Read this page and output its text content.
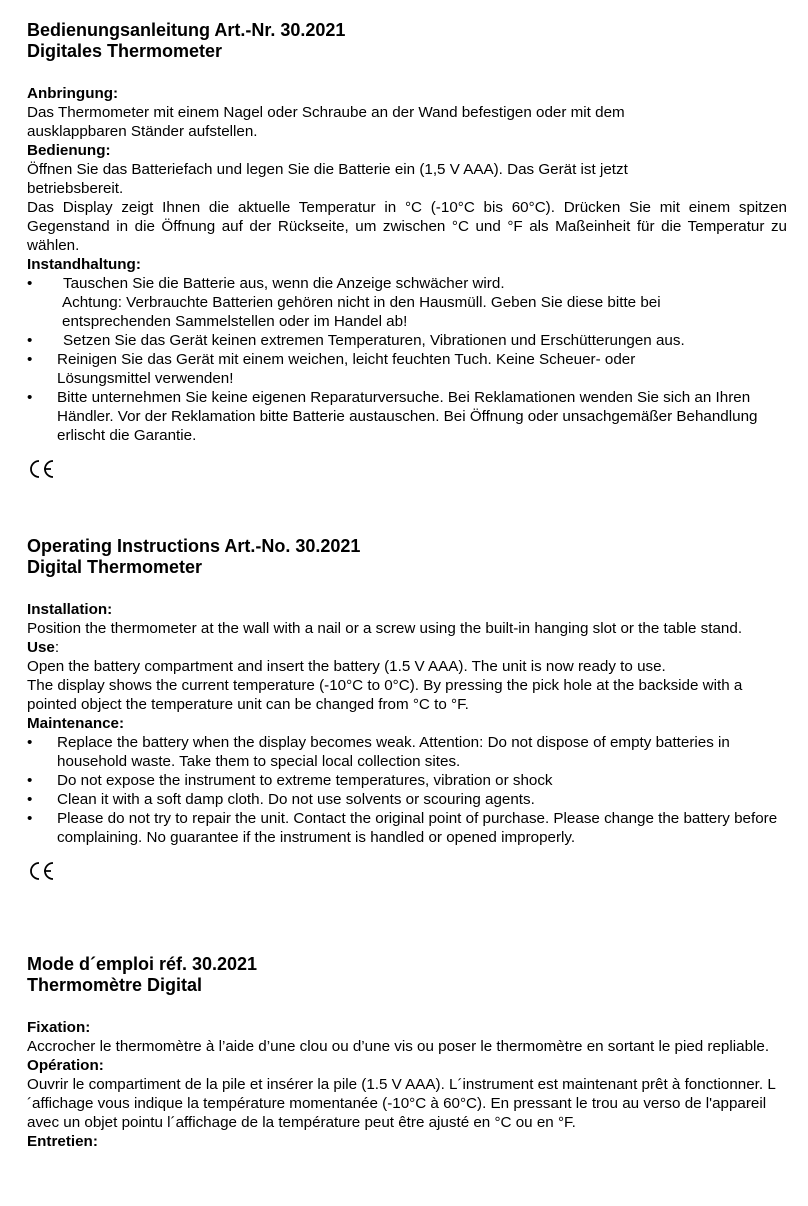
Bedienungsanleitung Art.-Nr. 30.2021

Digitales Thermometer

Anbringung:

Das Thermometer mit einem Nagel oder Schraube an der Wand befestigen oder mit dem ausklappbaren Ständer aufstellen.

Bedienung:

Öffnen Sie das Batteriefach und legen Sie die Batterie ein (1,5 V AAA). Das Gerät ist jetzt betriebsbereit.

Das Display zeigt Ihnen die aktuelle Temperatur in °C (-10°C bis 60°C). Drücken Sie mit einem spitzen Gegenstand in die Öffnung auf der Rückseite, um zwischen °C und °F als Maßeinheit für die Temperatur zu wählen.

Instandhaltung:

• Tauschen Sie die Batterie aus, wenn die Anzeige schwächer wird.
Achtung: Verbrauchte Batterien gehören nicht in den Hausmüll. Geben Sie diese bitte bei entsprechenden Sammelstellen oder im Handel ab!
• Setzen Sie das Gerät keinen extremen Temperaturen, Vibrationen und Erschütterungen aus.
• Reinigen Sie das Gerät mit einem weichen, leicht feuchten Tuch. Keine Scheuer- oder Lösungsmittel verwenden!
• Bitte unternehmen Sie keine eigenen Reparaturversuche. Bei Reklamationen wenden Sie sich an Ihren Händler. Vor der Reklamation bitte Batterie austauschen. Bei Öffnung oder unsachgemäßer Behandlung erlischt die Garantie.

Operating Instructions Art.-No. 30.2021

Digital Thermometer

Installation:

Position the thermometer at the wall with a nail or a screw using the built-in hanging slot or the table stand.

Use:

Open the battery compartment and insert the battery (1.5 V AAA). The unit is now ready to use.

The display shows the current temperature (-10°C to 0°C). By pressing the pick hole at the backside with a pointed object the temperature unit can be changed from °C to °F.

Maintenance:

• Replace the battery when the display becomes weak. Attention: Do not dispose of empty batteries in household waste. Take them to special local collection sites.
• Do not expose the instrument to extreme temperatures, vibration or shock
• Clean it with a soft damp cloth. Do not use solvents or scouring agents.
• Please do not try to repair the unit. Contact the original point of purchase. Please change the battery before complaining. No guarantee if the instrument is handled or opened improperly.

Mode d´emploi réf. 30.2021

Thermomètre Digital

Fixation:

Accrocher le thermomètre à l’aide d’une clou ou d’une vis ou poser le thermomètre en sortant le pied repliable.

Opération:

Ouvrir le compartiment de la pile et insérer la pile (1.5 V AAA). L´instrument est maintenant prêt à fonctionner. L´affichage vous indique la température momentanée (-10°C à 60°C). En pressant le trou au verso de l'appareil avec un objet pointu l´affichage de la température peut être ajusté en °C ou en °F.

Entretien:
